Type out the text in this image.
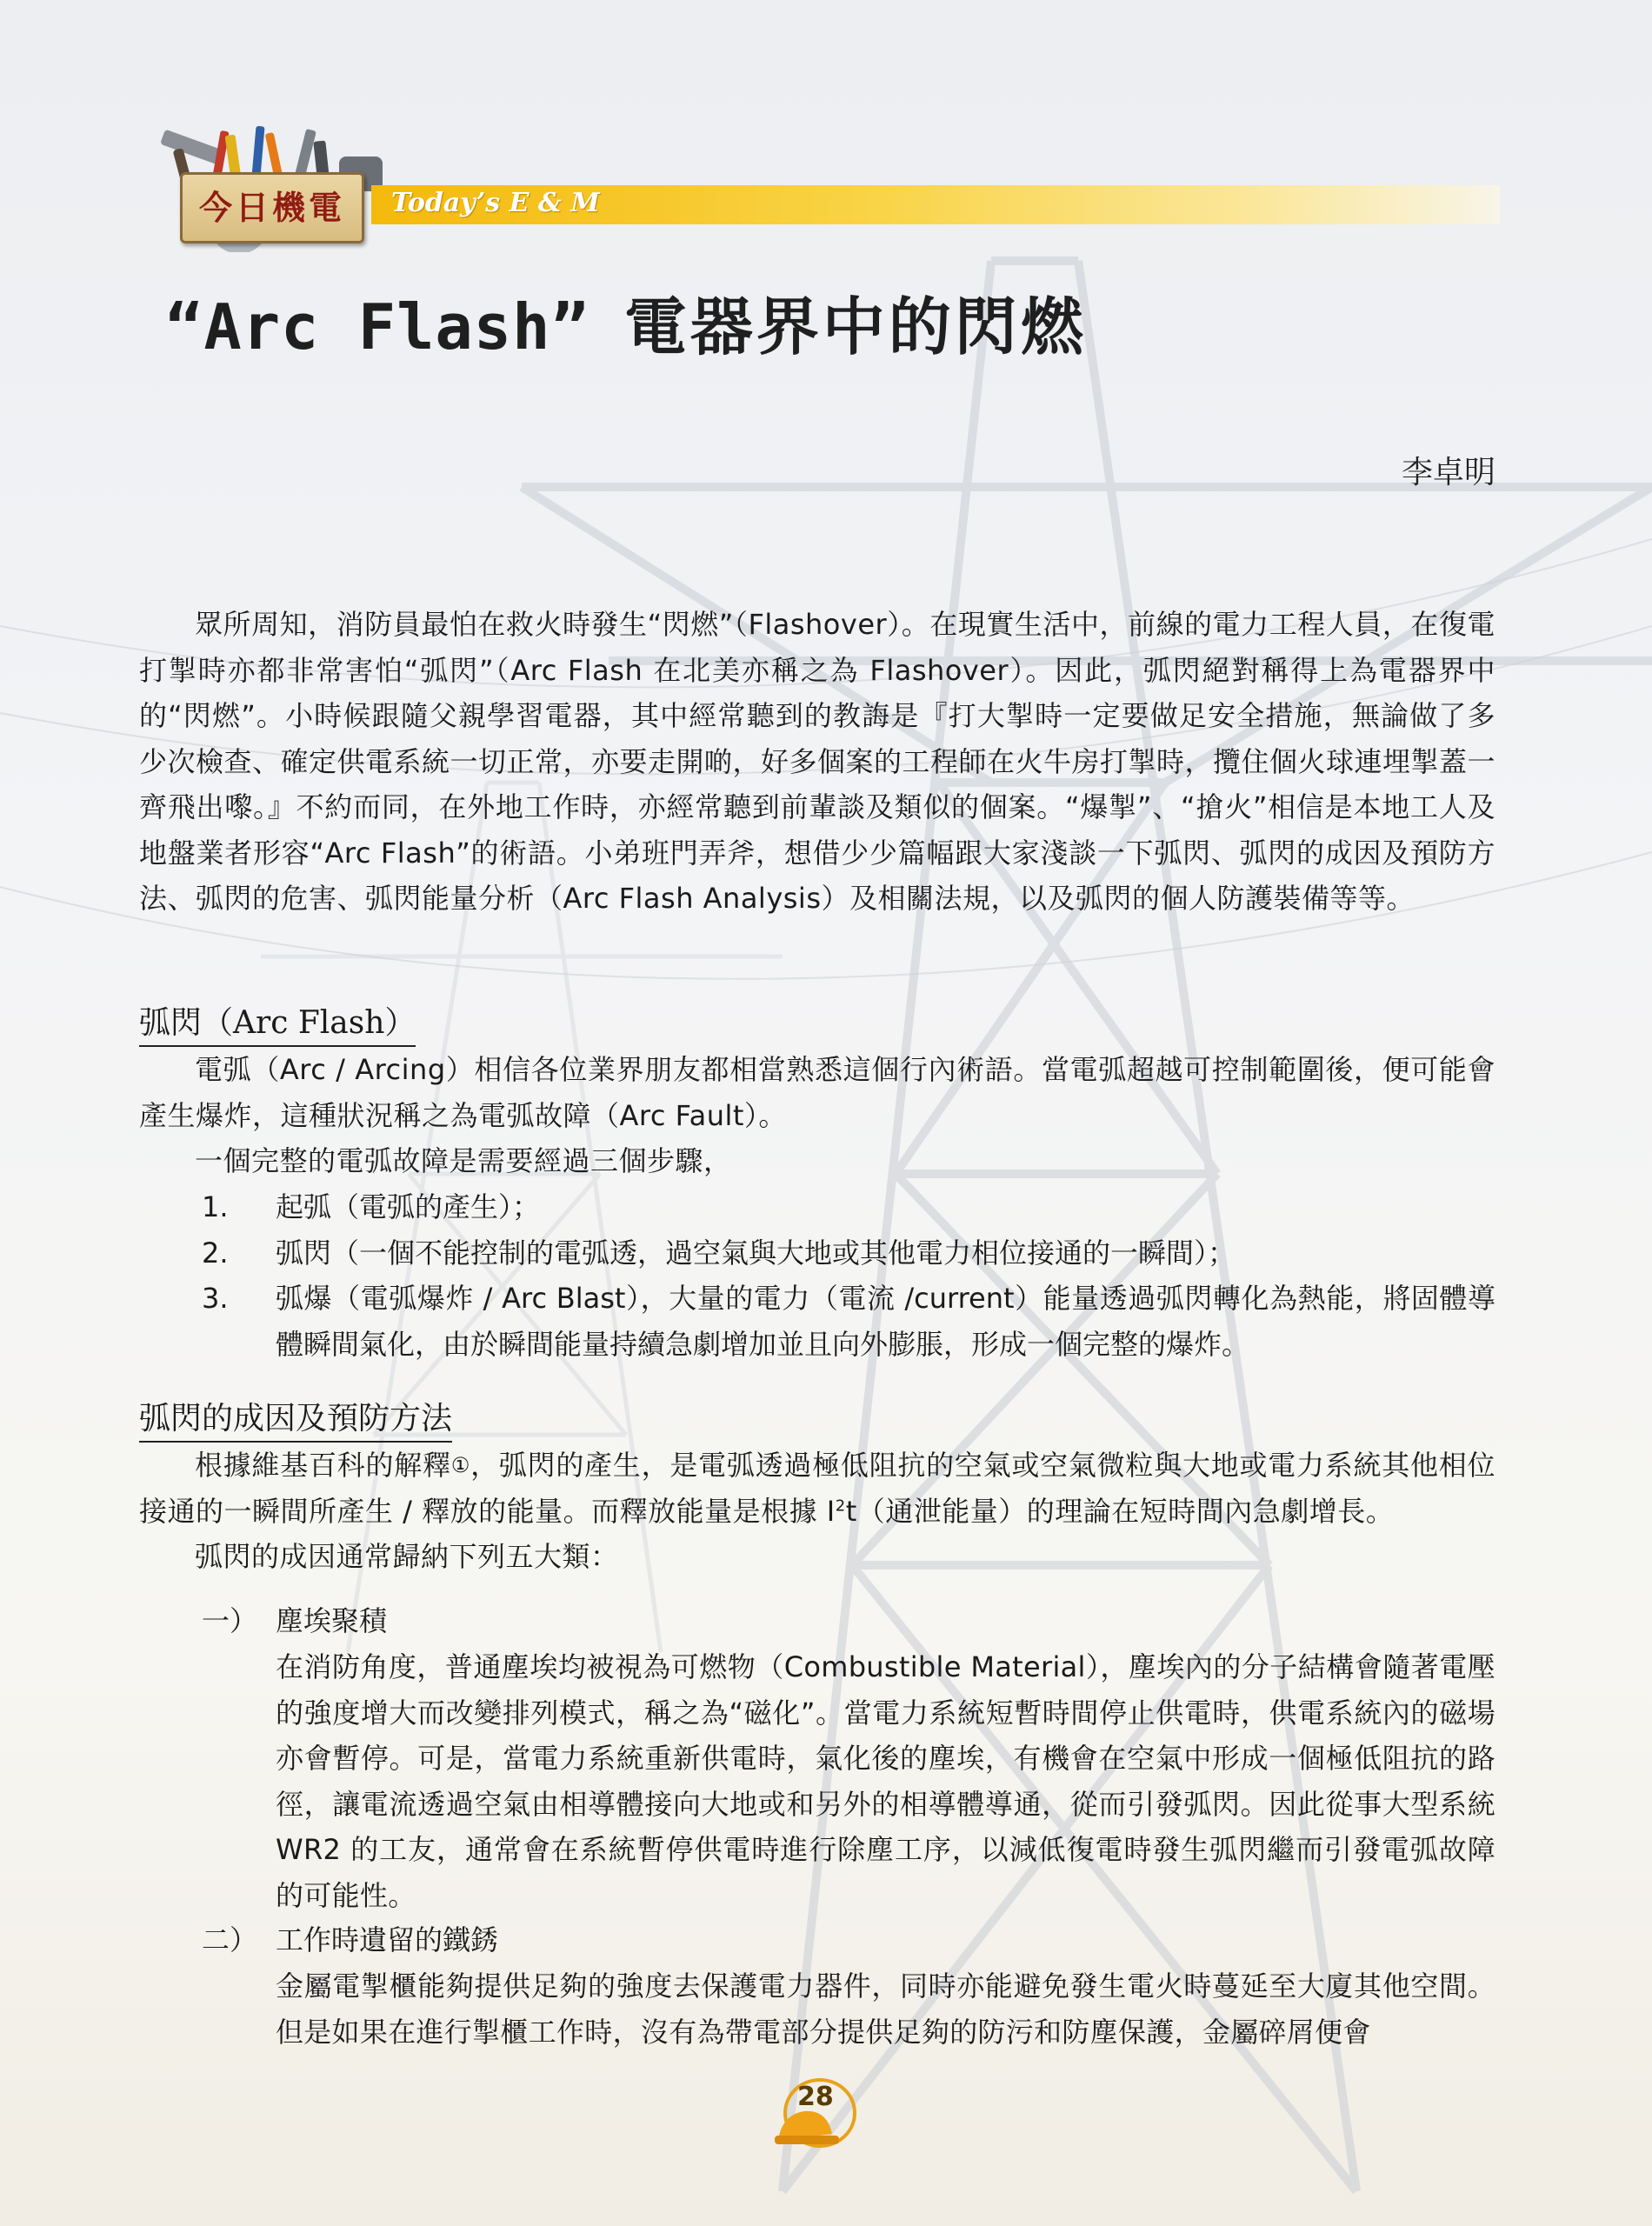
Today’s E & M
今日機電
“Arc Flash” 電器界中的閃燃
李卓明
眾所周知，消防員最怕在救火時發生“閃燃”（Flashover）。在現實生活中，前線的電力工程人員，在復電打掣時亦都非常害怕“弧閃”（Arc Flash 在北美亦稱之為 Flashover）。因此，弧閃絕對稱得上為電器界中的“閃燃”。小時候跟隨父親學習電器，其中經常聽到的教誨是『打大掣時一定要做足安全措施，無論做了多少次檢查、確定供電系統一切正常，亦要走開啲，好多個案的工程師在火牛房打掣時，攬住個火球連埋掣蓋一齊飛出嚟。』不約而同，在外地工作時，亦經常聽到前輩談及類似的個案。“爆掣”、“搶火”相信是本地工人及地盤業者形容“Arc Flash”的術語。小弟班門弄斧，想借少少篇幅跟大家淺談一下弧閃、弧閃的成因及預防方法、弧閃的危害、弧閃能量分析（Arc Flash Analysis）及相關法規，以及弧閃的個人防護裝備等等。
弧閃（Arc Flash）
電弧（Arc / Arcing）相信各位業界朋友都相當熟悉這個行內術語。當電弧超越可控制範圍後，便可能會產生爆炸，這種狀況稱之為電弧故障（Arc Fault）。
一個完整的電弧故障是需要經過三個步驟，
1. 起弧（電弧的產生）；
2. 弧閃（一個不能控制的電弧透，過空氣與大地或其他電力相位接通的一瞬間）；
3. 弧爆（電弧爆炸 / Arc Blast），大量的電力（電流 /current）能量透過弧閃轉化為熱能，將固體導體瞬間氣化，由於瞬間能量持續急劇增加並且向外膨脹，形成一個完整的爆炸。
弧閃的成因及預防方法
根據維基百科的解釋①，弧閃的產生，是電弧透過極低阻抗的空氣或空氣微粒與大地或電力系統其他相位接通的一瞬間所產生 / 釋放的能量。而釋放能量是根據 $I^2t$（通泄能量）的理論在短時間內急劇增長。
弧閃的成因通常歸納下列五大類：
一） 塵埃聚積
在消防角度，普通塵埃均被視為可燃物（Combustible Material），塵埃內的分子結構會隨著電壓的強度增大而改變排列模式，稱之為“磁化”。當電力系統短暫時間停止供電時，供電系統內的磁場亦會暫停。可是，當電力系統重新供電時，氣化後的塵埃，有機會在空氣中形成一個極低阻抗的路徑，讓電流透過空氣由相導體接向大地或和另外的相導體導通，從而引發弧閃。因此從事大型系統 WR2 的工友，通常會在系統暫停供電時進行除塵工序，以減低復電時發生弧閃繼而引發電弧故障的可能性。
二） 工作時遺留的鐵銹
金屬電掣櫃能夠提供足夠的強度去保護電力器件，同時亦能避免發生電火時蔓延至大廈其他空間。但是如果在進行掣櫃工作時，沒有為帶電部分提供足夠的防污和防塵保護，金屬碎屑便會
28
